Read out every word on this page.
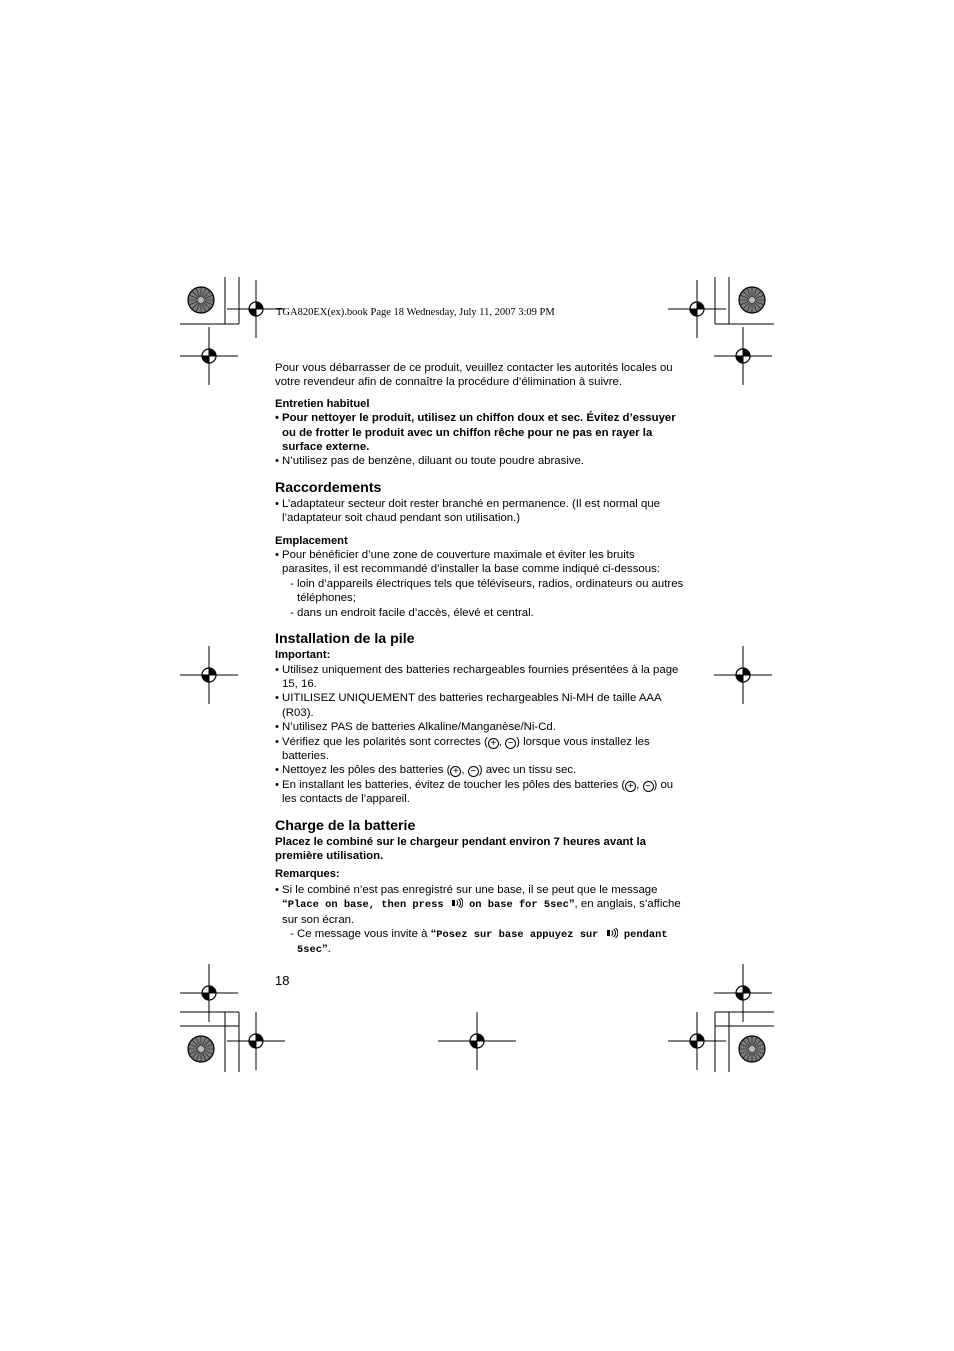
TGA820EX(ex).book Page 18 Wednesday, July 11, 2007 3:09 PM

Pour vous débarrasser de ce produit, veuillez contacter les autorités locales ou votre revendeur afin de connaître la procédure d’élimination à suivre.

Entretien habituel

• Pour nettoyer le produit, utilisez un chiffon doux et sec. Évitez d’essuyer ou de frotter le produit avec un chiffon rêche pour ne pas en rayer la surface externe.
• N’utilisez pas de benzène, diluant ou toute poudre abrasive.

Raccordements

• L’adaptateur secteur doit rester branché en permanence. (Il est normal que l’adaptateur soit chaud pendant son utilisation.)

Emplacement

• Pour bénéficier d’une zone de couverture maximale et éviter les bruits parasites, il est recommandé d’installer la base comme indiqué ci-dessous:
- loin d’appareils électriques tels que téléviseurs, radios, ordinateurs ou autres téléphones;
- dans un endroit facile d’accès, élevé et central.

Installation de la pile

Important:

• Utilisez uniquement des batteries rechargeables fournies présentées à la page 15, 16.
• UITILISEZ UNIQUEMENT des batteries rechargeables Ni-MH de taille AAA (R03).
• N’utilisez PAS de batteries Alkaline/Manganèse/Ni-Cd.
• Vérifiez que les polarités sont correctes ( + , − ) lorsque vous installez les batteries.
• Nettoyez les pôles des batteries ( + , − ) avec un tissu sec.
• En installant les batteries, évitez de toucher les pôles des batteries ( + , − ) ou les contacts de l’appareil.

Charge de la batterie

Placez le combiné sur le chargeur pendant environ 7 heures avant la première utilisation.

Remarques:

• Si le combiné n’est pas enregistré sur une base, il se peut que le message “Place on base, then press  on base for 5sec”, en anglais, s’affiche sur son écran.
- Ce message vous invite à “Posez sur base appuyez sur  pendant 5sec”.
18
